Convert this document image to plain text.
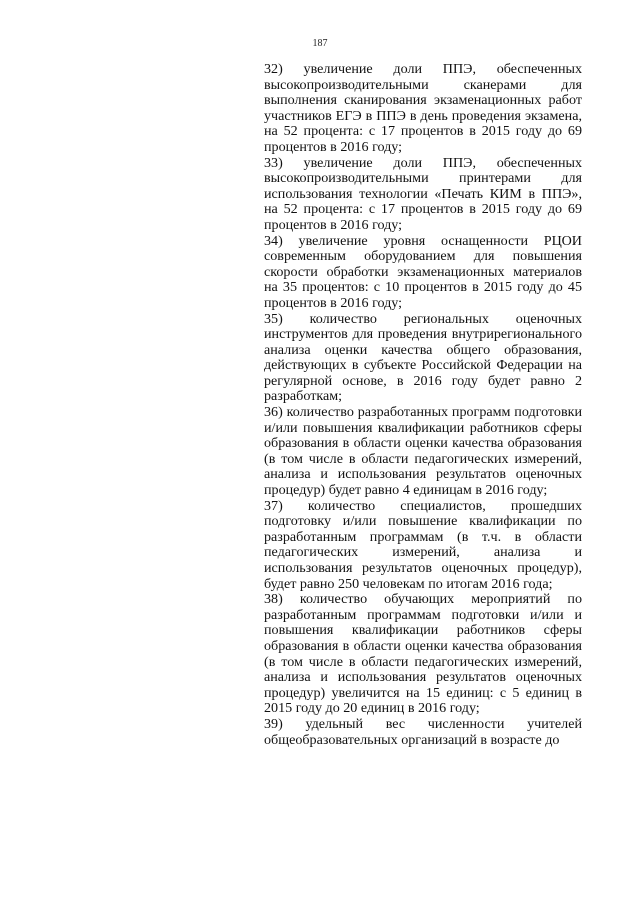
187

32) увеличение доли ППЭ, обеспеченных высокопроизводительными сканерами для выполнения сканирования экзаменационных работ участников ЕГЭ в ППЭ в день проведения экзамена, на 52 процента: с 17 процентов в 2015 году до 69 процентов в 2016 году;

33) увеличение доли ППЭ, обеспеченных высокопроизводительными принтерами для использования технологии «Печать КИМ в ППЭ», на 52 процента: с 17 процентов в 2015 году до 69 процентов в 2016 году;

34) увеличение уровня оснащенности РЦОИ современным оборудованием для повышения скорости обработки экзаменационных материалов на 35 процентов: с 10 процентов в 2015 году до 45 процентов в 2016 году;

35) количество региональных оценочных инструментов для проведения внутрирегионального анализа оценки качества общего образования, действующих в субъекте Российской Федерации на регулярной основе, в 2016 году будет равно 2 разработкам;

36) количество разработанных программ подготовки и/или повышения квалификации работников сферы образования в области оценки качества образования (в том числе в области педагогических измерений, анализа и использования результатов оценочных процедур) будет равно 4 единицам в 2016 году;

37) количество специалистов, прошедших подготовку и/или повышение квалификации по разработанным программам (в т.ч. в области педагогических измерений, анализа и использования результатов оценочных процедур), будет равно 250 человекам по итогам 2016 года;

38) количество обучающих мероприятий по разработанным программам подготовки и/или и повышения квалификации работников сферы образования в области оценки качества образования (в том числе в области педагогических измерений, анализа и использования результатов оценочных процедур) увеличится на 15 единиц: с 5 единиц в 2015 году до 20 единиц в 2016 году;

39) удельный вес численности учителей общеобразовательных организаций в возрасте до
